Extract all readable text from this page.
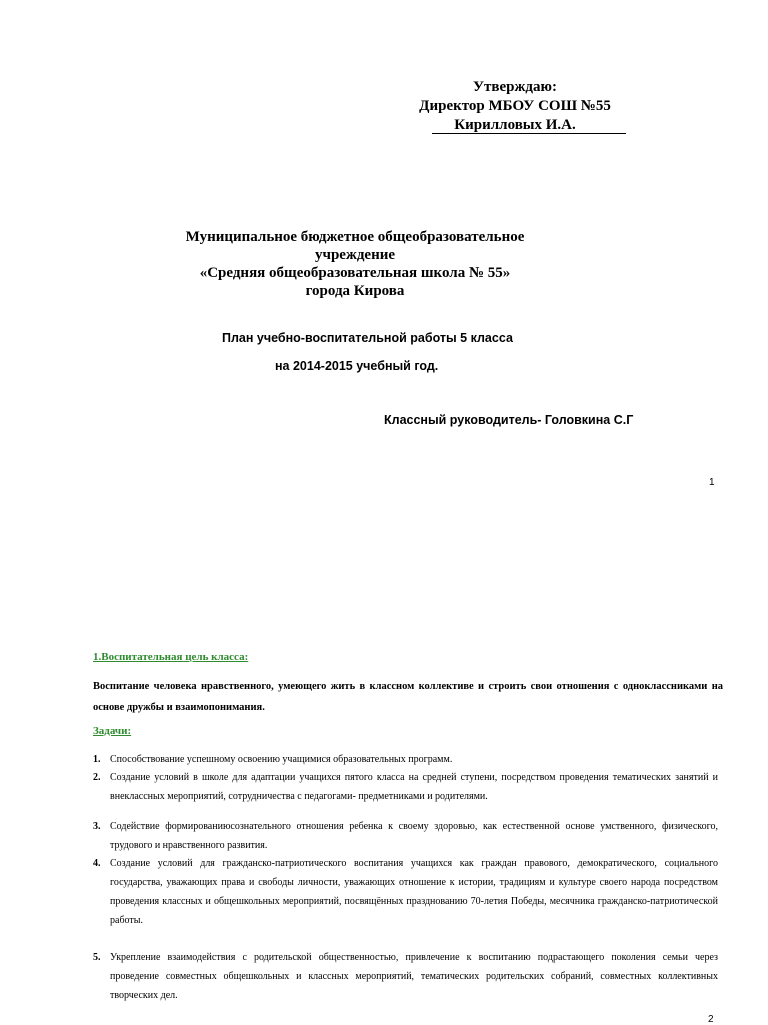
Утверждаю:
Директор МБОУ СОШ №55
Кирилловых И.А.
Муниципальное бюджетное общеобразовательное
учреждение
«Средняя общеобразовательная школа № 55»
города Кирова
План учебно-воспитательной работы 5 класса
на 2014-2015 учебный год.
Классный руководитель- Головкина С.Г
1
1.Воспитательная цель класса:
Воспитание человека нравственного, умеющего жить в классном коллективе и строить свои отношения с одноклассниками на основе дружбы и взаимопонимания.
Задачи:
1. Способствование успешному освоению учащимися образовательных программ.
2. Создание условий в школе для адаптации учащихся пятого класса на средней ступени, посредством проведения тематических занятий и внеклассных мероприятий, сотрудничества с педагогами- предметниками и родителями.
3. Содействие формированиюсознательного отношения ребенка к своему здоровью, как естественной основе умственного, физического, трудового и нравственного развития.
4. Создание условий для гражданско-патриотического воспитания учащихся как граждан правового, демократического, социального государства, уважающих права и свободы личности, уважающих отношение к истории, традициям и культуре своего народа посредством проведения классных и общешкольных мероприятий, посвящённых празднованию 70-летия Победы, месячника гражданско-патриотической работы.
5. Укрепление взаимодействия с родительской общественностью, привлечение к воспитанию подрастающего поколения семьи через проведение совместных общешкольных и классных мероприятий, тематических родительских собраний, совместных коллективных творческих дел.
2
